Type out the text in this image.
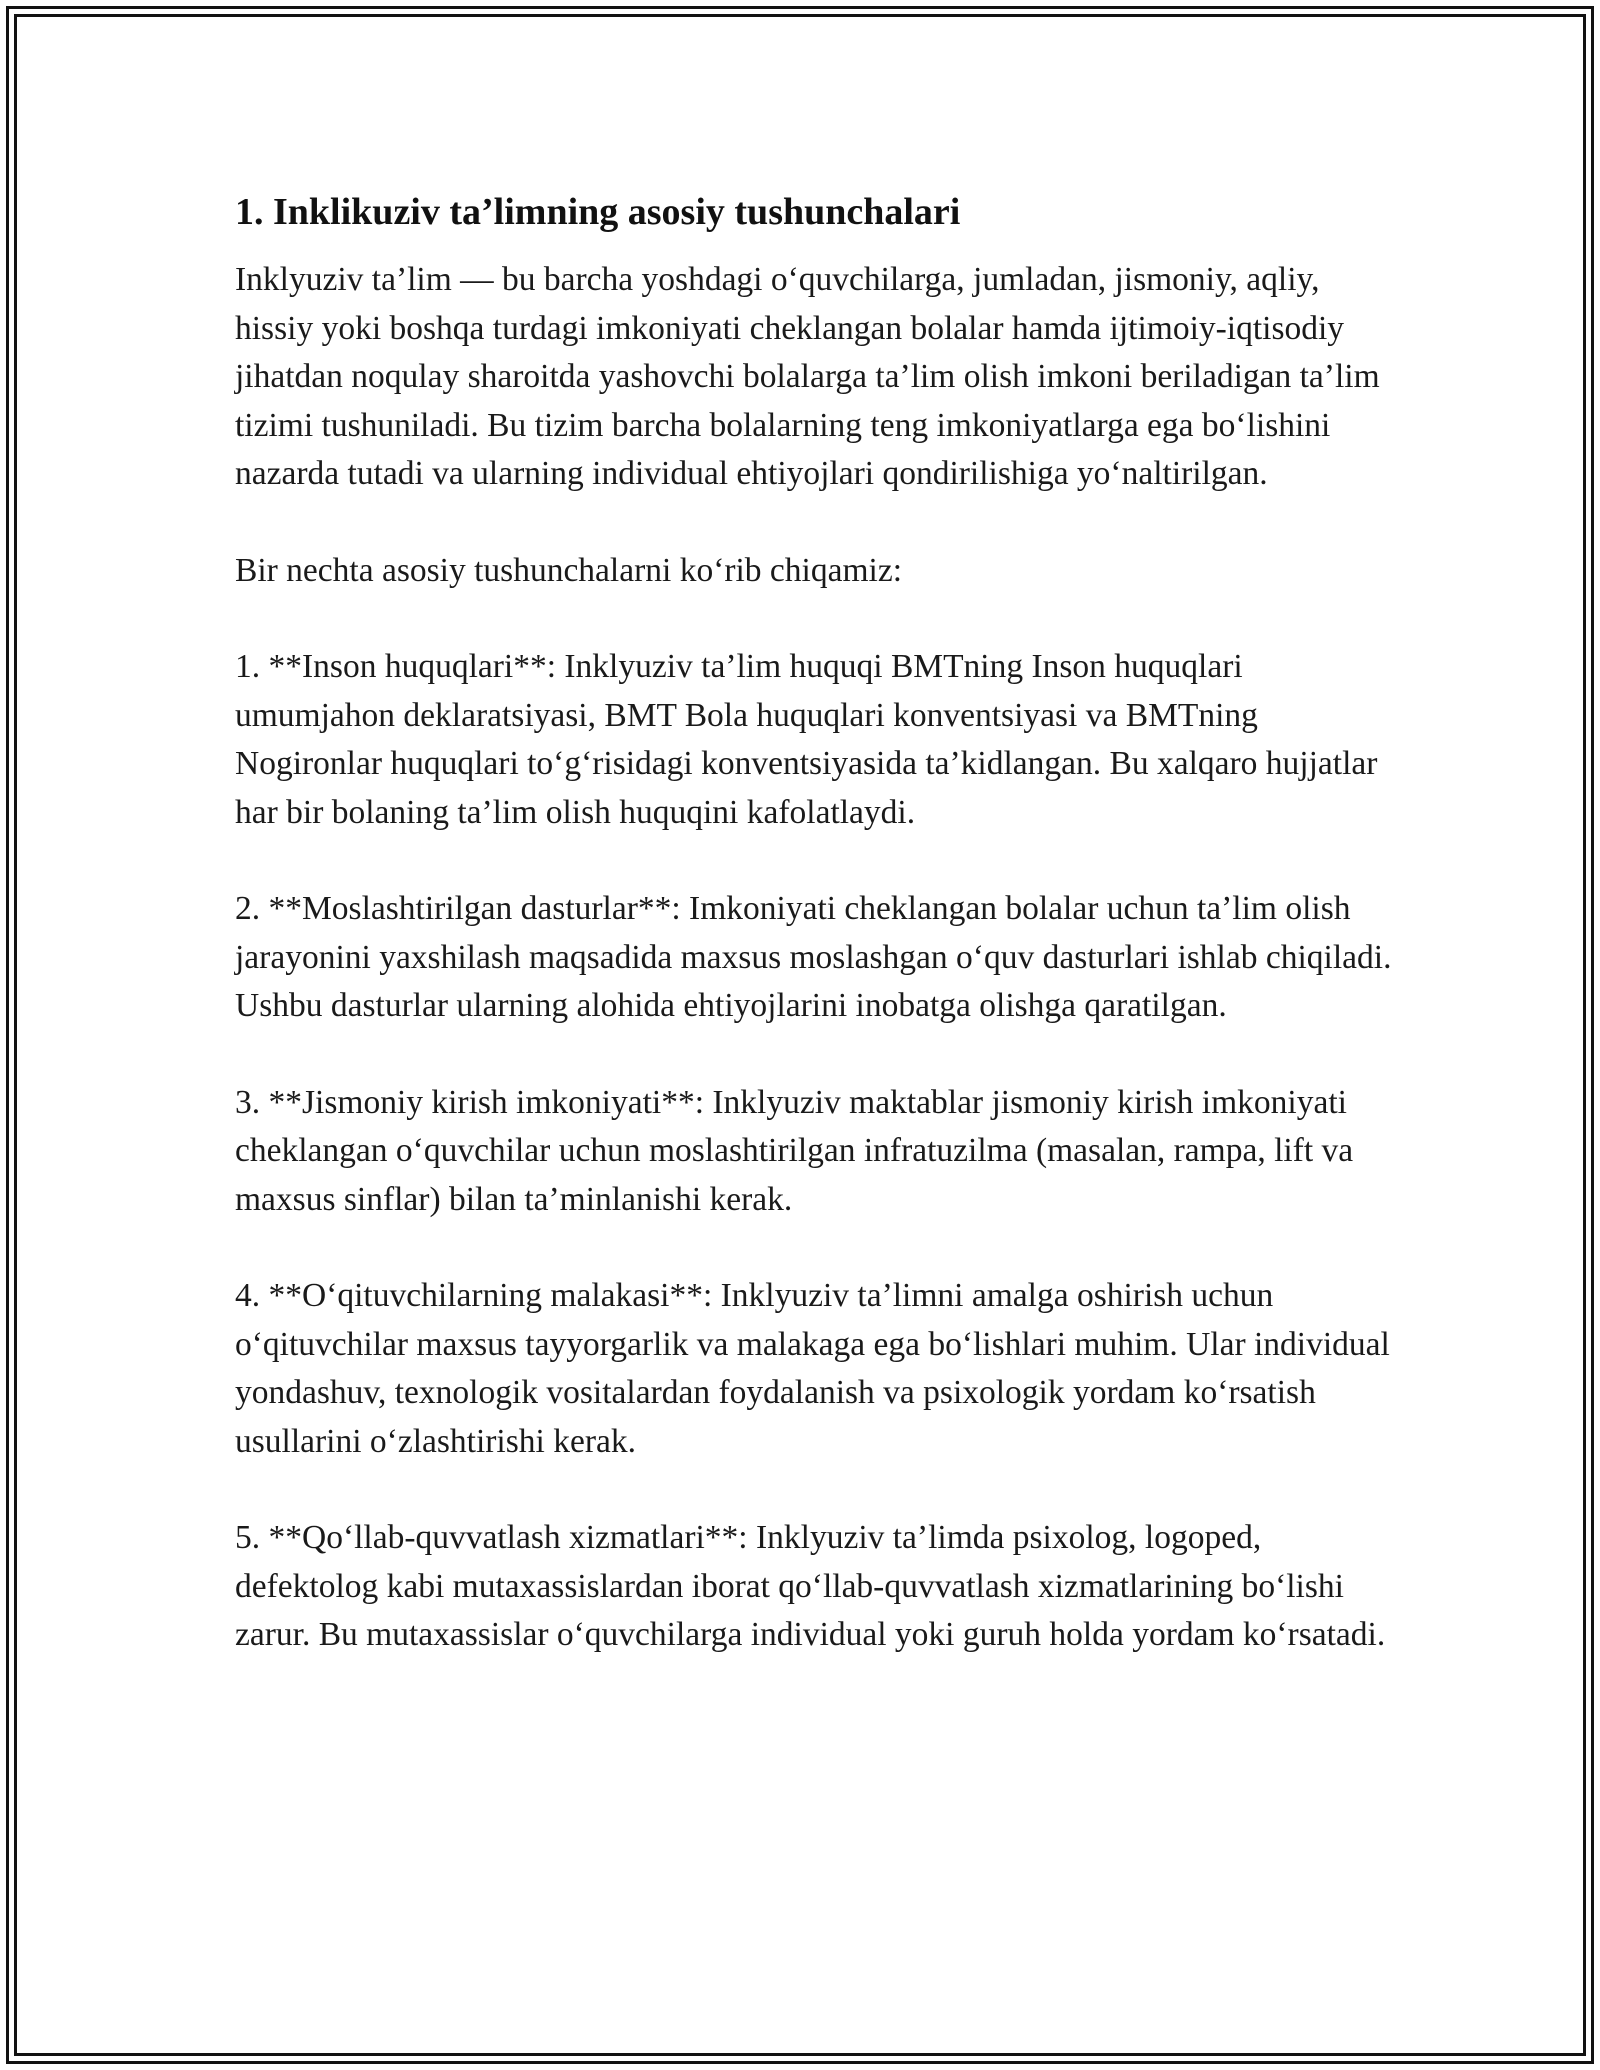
1. Inklikuziv ta’limning asosiy tushunchalari

Inklyuziv ta’lim — bu barcha yoshdagi o‘quvchilarga, jumladan, jismoniy, aqliy, hissiy yoki boshqa turdagi imkoniyati cheklangan bolalar hamda ijtimoiy-iqtisodiy jihatdan noqulay sharoitda yashovchi bolalarga ta’lim olish imkoni beriladigan ta’lim tizimi tushuniladi. Bu tizim barcha bolalarning teng imkoniyatlarga ega bo‘lishini nazarda tutadi va ularning individual ehtiyojlari qondirilishiga yo‘naltirilgan.

Bir nechta asosiy tushunchalarni ko‘rib chiqamiz:

1. **Inson huquqlari**: Inklyuziv ta’lim huquqi BMTning Inson huquqlari umumjahon deklaratsiyasi, BMT Bola huquqlari konventsiyasi va BMTning Nogironlar huquqlari to‘g‘risidagi konventsiyasida ta’kidlangan. Bu xalqaro hujjatlar har bir bolaning ta’lim olish huquqini kafolatlaydi.

2. **Moslashtirilgan dasturlar**: Imkoniyati cheklangan bolalar uchun ta’lim olish jarayonini yaxshilash maqsadida maxsus moslashgan o‘quv dasturlari ishlab chiqiladi. Ushbu dasturlar ularning alohida ehtiyojlarini inobatga olishga qaratilgan.

3. **Jismoniy kirish imkoniyati**: Inklyuziv maktablar jismoniy kirish imkoniyati cheklangan o‘quvchilar uchun moslashtirilgan infratuzilma (masalan, rampa, lift va maxsus sinflar) bilan ta’minlanishi kerak.

4. **O‘qituvchilarning malakasi**: Inklyuziv ta’limni amalga oshirish uchun o‘qituvchilar maxsus tayyorgarlik va malakaga ega bo‘lishlari muhim. Ular individual yondashuv, texnologik vositalardan foydalanish va psixologik yordam ko‘rsatish usullarini o‘zlashtirishi kerak.

5. **Qo‘llab-quvvatlash xizmatlari**: Inklyuziv ta’limda psixolog, logoped, defektolog kabi mutaxassislardan iborat qo‘llab-quvvatlash xizmatlarining bo‘lishi zarur. Bu mutaxassislar o‘quvchilarga individual yoki guruh holda yordam ko‘rsatadi.
